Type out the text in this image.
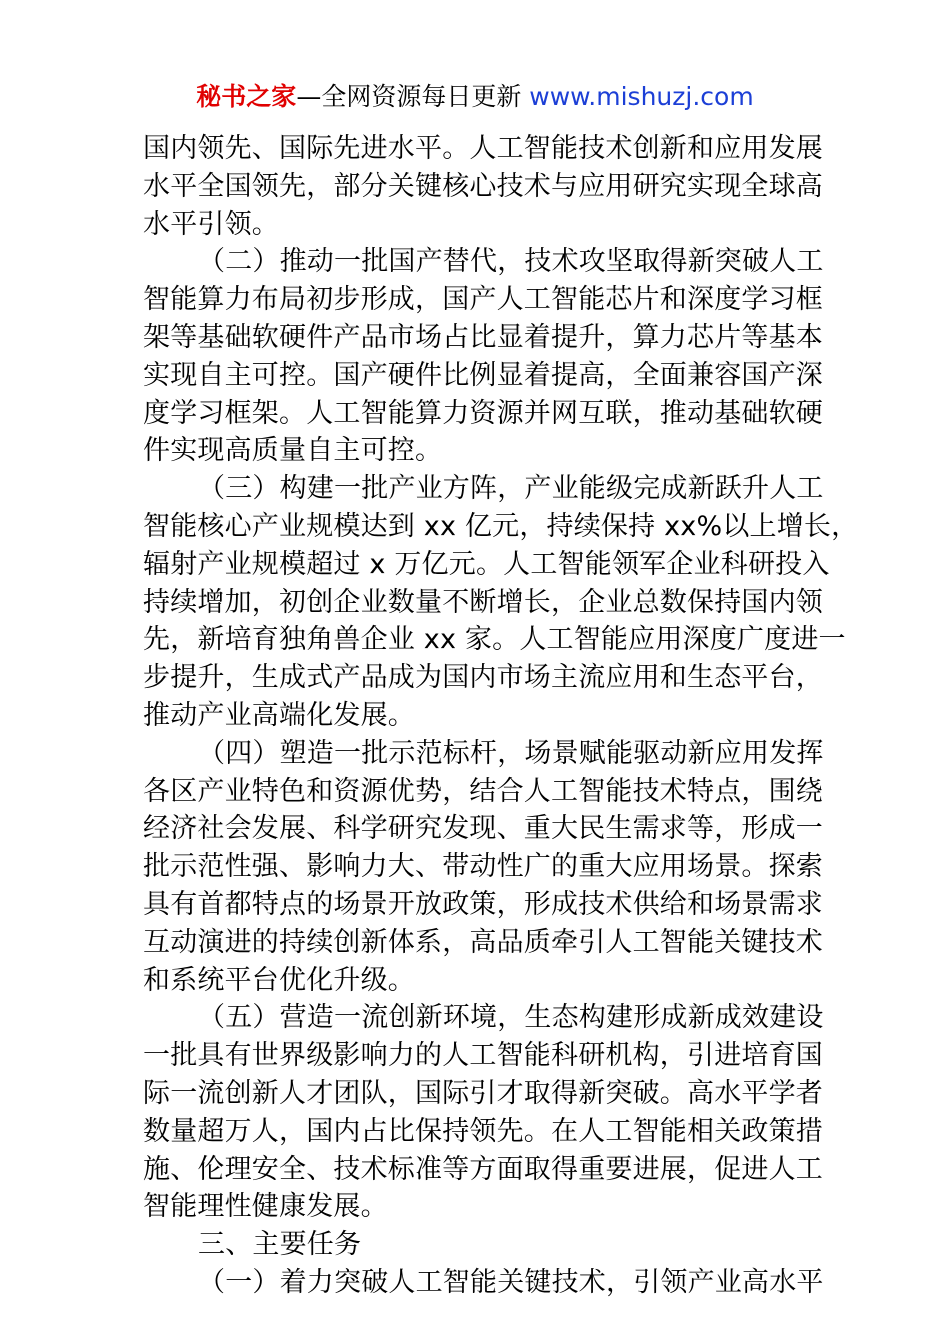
秘书之家—全网资源每日更新 www.mishuzj.com
国内领先、国际先进水平。人工智能技术创新和应用发展
水平全国领先，部分关键核心技术与应用研究实现全球高
水平引领。
（二）推动一批国产替代，技术攻坚取得新突破人工
智能算力布局初步形成，国产人工智能芯片和深度学习框
架等基础软硬件产品市场占比显着提升，算力芯片等基本
实现自主可控。国产硬件比例显着提高，全面兼容国产深
度学习框架。人工智能算力资源并网互联，推动基础软硬
件实现高质量自主可控。
（三）构建一批产业方阵，产业能级完成新跃升人工
智能核心产业规模达到 xx 亿元，持续保持 xx%以上增长，
辐射产业规模超过 x 万亿元。人工智能领军企业科研投入
持续增加，初创企业数量不断增长，企业总数保持国内领
先，新培育独角兽企业 xx 家。人工智能应用深度广度进一
步提升，生成式产品成为国内市场主流应用和生态平台，
推动产业高端化发展。
（四）塑造一批示范标杆，场景赋能驱动新应用发挥
各区产业特色和资源优势，结合人工智能技术特点，围绕
经济社会发展、科学研究发现、重大民生需求等，形成一
批示范性强、影响力大、带动性广的重大应用场景。探索
具有首都特点的场景开放政策，形成技术供给和场景需求
互动演进的持续创新体系，高品质牵引人工智能关键技术
和系统平台优化升级。
（五）营造一流创新环境，生态构建形成新成效建设
一批具有世界级影响力的人工智能科研机构，引进培育国
际一流创新人才团队，国际引才取得新突破。高水平学者
数量超万人，国内占比保持领先。在人工智能相关政策措
施、伦理安全、技术标准等方面取得重要进展，促进人工
智能理性健康发展。
三、主要任务
（一）着力突破人工智能关键技术，引领产业高水平
